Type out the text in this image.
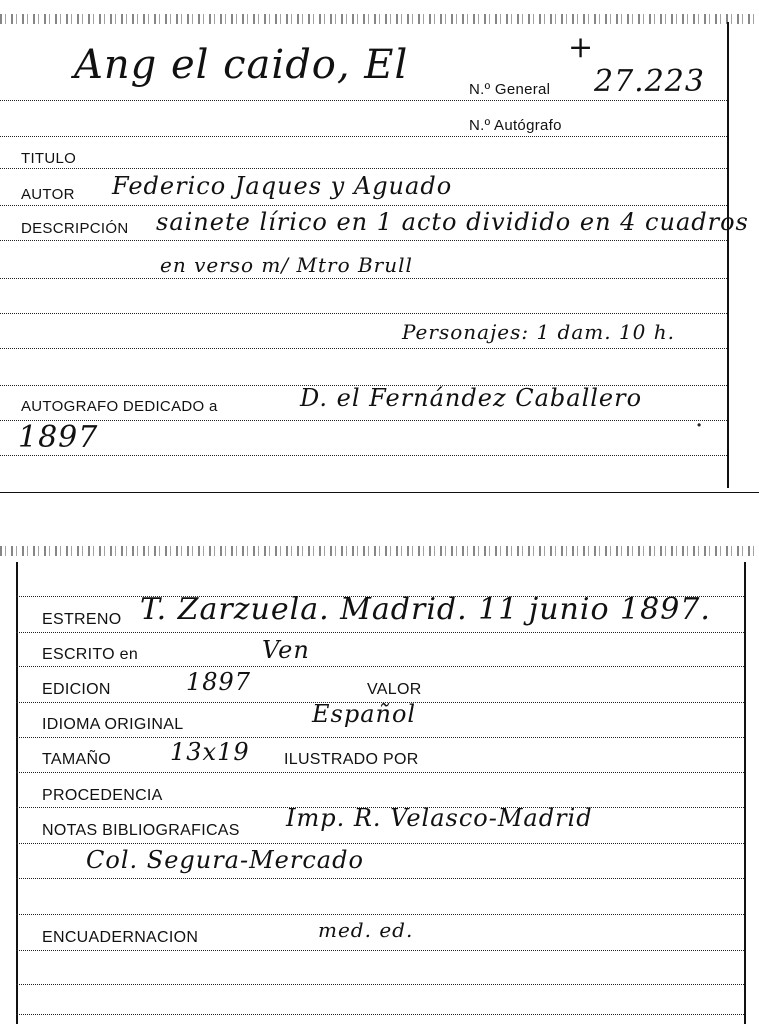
Ang el caido, El	+
N.º General 27.223
N.º Autógrafo
TITULO
AUTOR Federico Jaques y Aguado
DESCRIPCIÓN sainete lírico en 1 acto dividido en 4 cuadros
en verso m/ Mtro Brull
Personajes: 1 dam. 10 h.
AUTOGRAFO DEDICADO a	D. el Fernández Caballero
1897	•
ESTRENO T. Zarzuela. Madrid. 11 junio 1897.
ESCRITO en	Ven
EDICION	1897	VALOR
IDIOMA ORIGINAL	Español
TAMAÑO 13x19 ILUSTRADO POR
PROCEDENCIA
NOTAS BIBLIOGRAFICAS Imp. R. Velasco-Madrid
Col. Segura-Mercado
ENCUADERNACION	med. ed.
